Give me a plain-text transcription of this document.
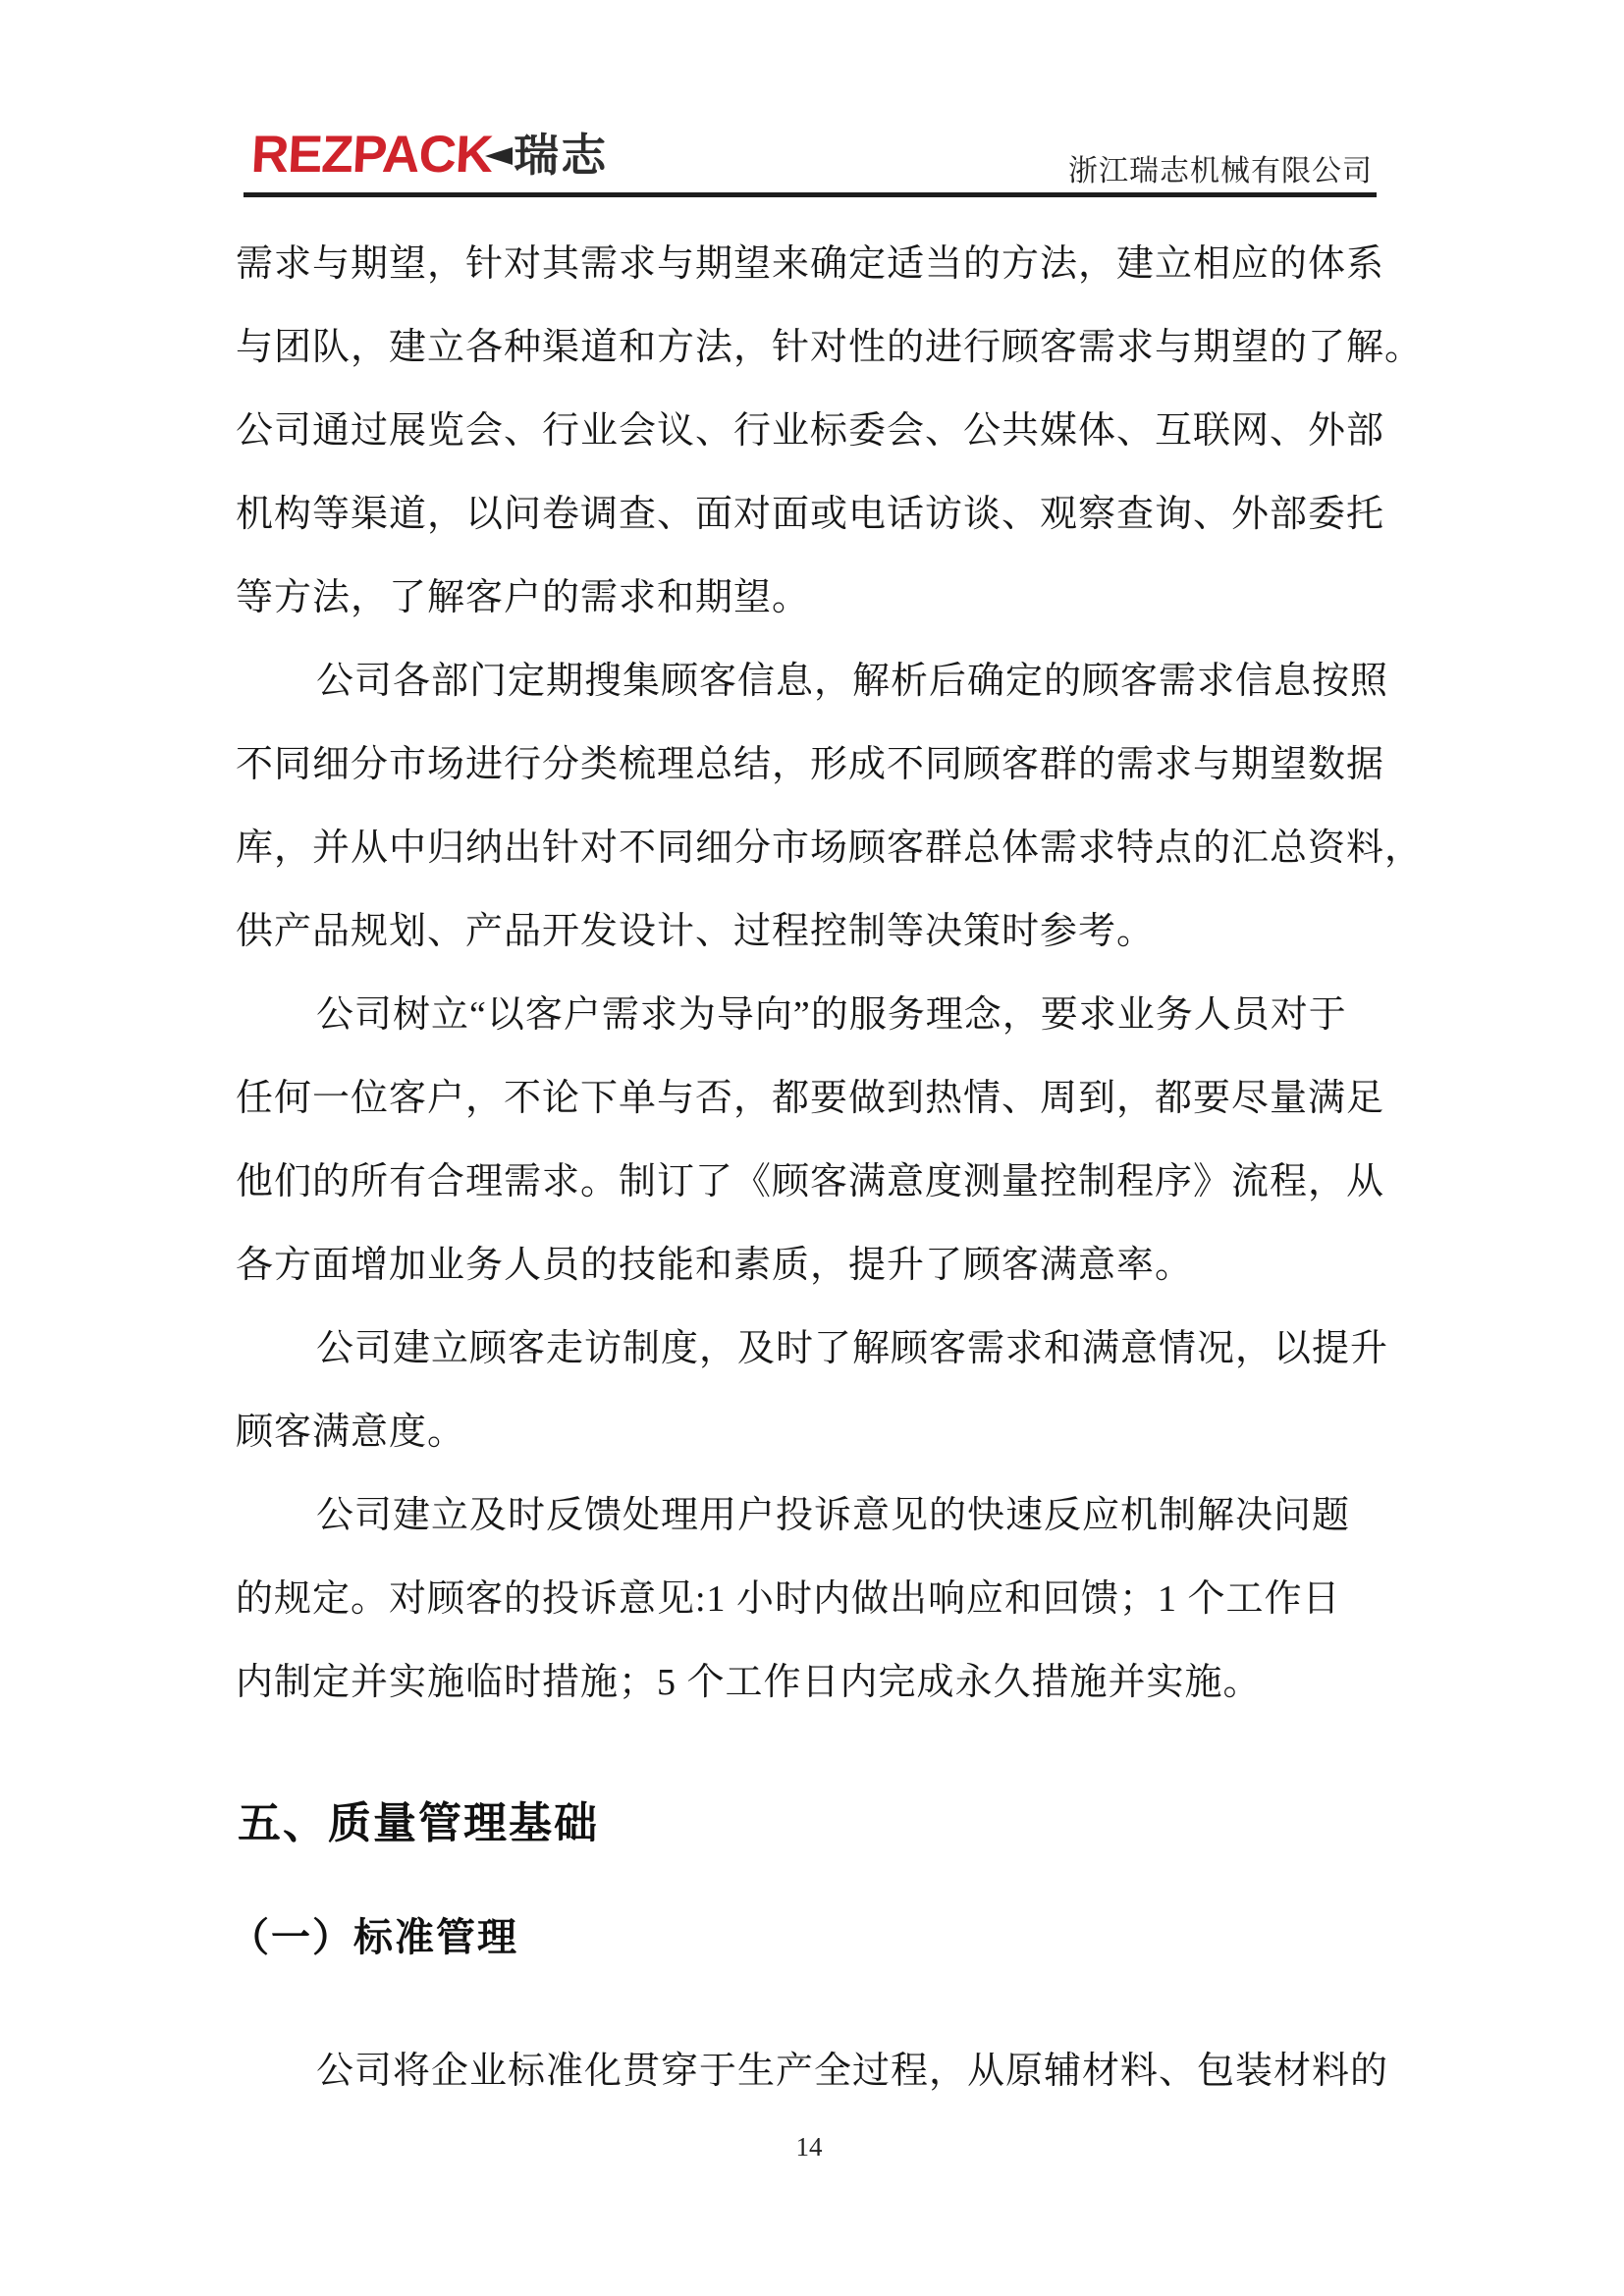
REZPACK 瑞志	浙江瑞志机械有限公司
需求与期望，针对其需求与期望来确定适当的方法，建立相应的体系
与团队，建立各种渠道和方法，针对性的进行顾客需求与期望的了解。
公司通过展览会、行业会议、行业标委会、公共媒体、互联网、外部
机构等渠道，以问卷调查、面对面或电话访谈、观察查询、外部委托
等方法，了解客户的需求和期望。
公司各部门定期搜集顾客信息，解析后确定的顾客需求信息按照
不同细分市场进行分类梳理总结，形成不同顾客群的需求与期望数据
库，并从中归纳出针对不同细分市场顾客群总体需求特点的汇总资料，
供产品规划、产品开发设计、过程控制等决策时参考。
公司树立“以客户需求为导向”的服务理念，要求业务人员对于
任何一位客户，不论下单与否，都要做到热情、周到，都要尽量满足
他们的所有合理需求。制订了《顾客满意度测量控制程序》流程，从
各方面增加业务人员的技能和素质，提升了顾客满意率。
公司建立顾客走访制度，及时了解顾客需求和满意情况，以提升
顾客满意度。
公司建立及时反馈处理用户投诉意见的快速反应机制解决问题
的规定。对顾客的投诉意见:1 小时内做出响应和回馈；1 个工作日
内制定并实施临时措施；5 个工作日内完成永久措施并实施。
五、质量管理基础
（一）标准管理
公司将企业标准化贯穿于生产全过程，从原辅材料、包装材料的
14
